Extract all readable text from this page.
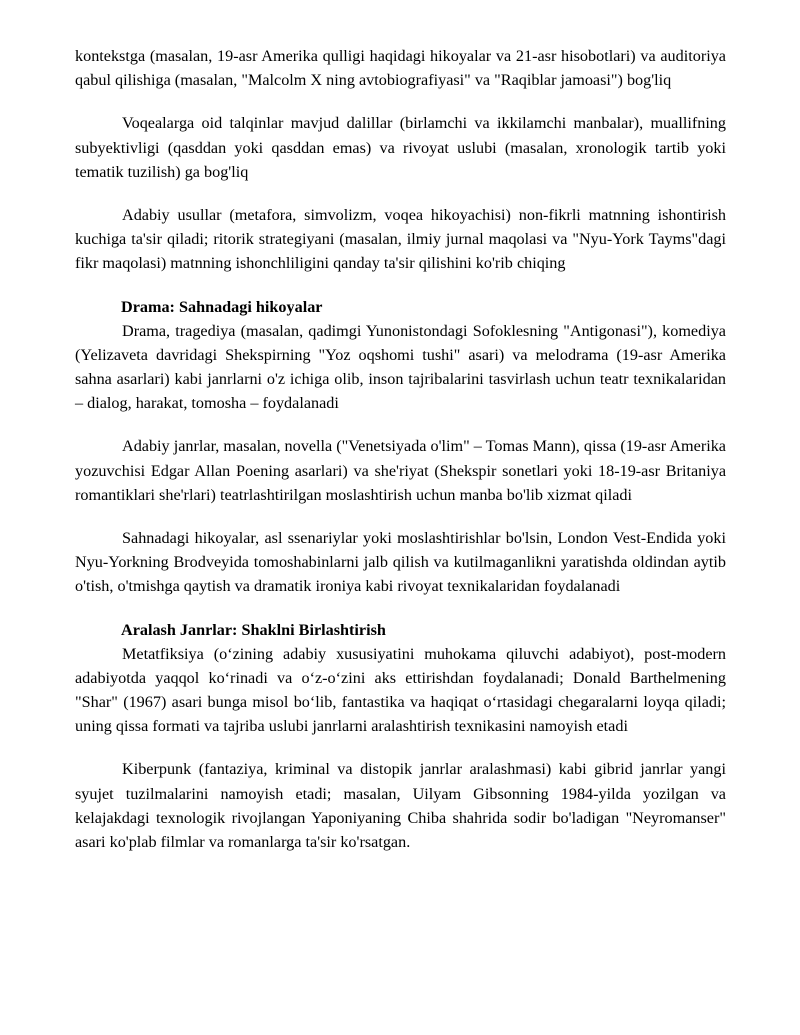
kontekstga (masalan, 19-asr Amerika qulligi haqidagi hikoyalar va 21-asr hisobotlari) va auditoriya qabul qilishiga (masalan, "Malcolm X ning avtobiografiyasi" va "Raqiblar jamoasi") bog'liq

Voqealarga oid talqinlar mavjud dalillar (birlamchi va ikkilamchi manbalar), muallifning subyektivligi (qasddan yoki qasddan emas) va rivoyat uslubi (masalan, xronologik tartib yoki tematik tuzilish) ga bog'liq

Adabiy usullar (metafora, simvolizm, voqea hikoyachisi) non-fikrli matnning ishontirish kuchiga ta'sir qiladi; ritorik strategiyani (masalan, ilmiy jurnal maqolasi va "Nyu-York Tayms"dagi fikr maqolasi) matnning ishonchliligini qanday ta'sir qilishini ko'rib chiqing

Drama: Sahnadagi hikoyalar

Drama, tragediya (masalan, qadimgi Yunonistondagi Sofoklesning "Antigonasi"), komediya (Yelizaveta davridagi Shekspirning "Yoz oqshomi tushi" asari) va melodrama (19-asr Amerika sahna asarlari) kabi janrlarni o'z ichiga olib, inson tajribalarini tasvirlash uchun teatr texnikalaridan – dialog, harakat, tomosha – foydalanadi

Adabiy janrlar, masalan, novella ("Venetsiyada o'lim" – Tomas Mann), qissa (19-asr Amerika yozuvchisi Edgar Allan Poening asarlari) va she'riyat (Shekspir sonetlari yoki 18-19-asr Britaniya romantiklari she'rlari) teatrlashtirilgan moslashtirish uchun manba bo'lib xizmat qiladi

Sahnadagi hikoyalar, asl ssenariylar yoki moslashtirishlar bo'lsin, London Vest-Endida yoki Nyu-Yorkning Brodveyida tomoshabinlarni jalb qilish va kutilmaganlikni yaratishda oldindan aytib o'tish, o'tmishga qaytish va dramatik ironiya kabi rivoyat texnikalaridan foydalanadi

Aralash Janrlar: Shaklni Birlashtirish

Metatfiksiya (o‘zining adabiy xususiyatini muhokama qiluvchi adabiyot), post-modern adabiyotda yaqqol ko‘rinadi va o‘z-o‘zini aks ettirishdan foydalanadi; Donald Barthelmening "Shar" (1967) asari bunga misol bo‘lib, fantastika va haqiqat o‘rtasidagi chegaralarni loyqa qiladi; uning qissa formati va tajriba uslubi janrlarni aralashtirish texnikasini namoyish etadi

Kiberpunk (fantaziya, kriminal va distopik janrlar aralashmasi) kabi gibrid janrlar yangi syujet tuzilmalarini namoyish etadi; masalan, Uilyam Gibsonning 1984-yilda yozilgan va kelajakdagi texnologik rivojlangan Yaponiyaning Chiba shahrida sodir bo'ladigan "Neyromanser" asari ko'plab filmlar va romanlarga ta'sir ko'rsatgan.
